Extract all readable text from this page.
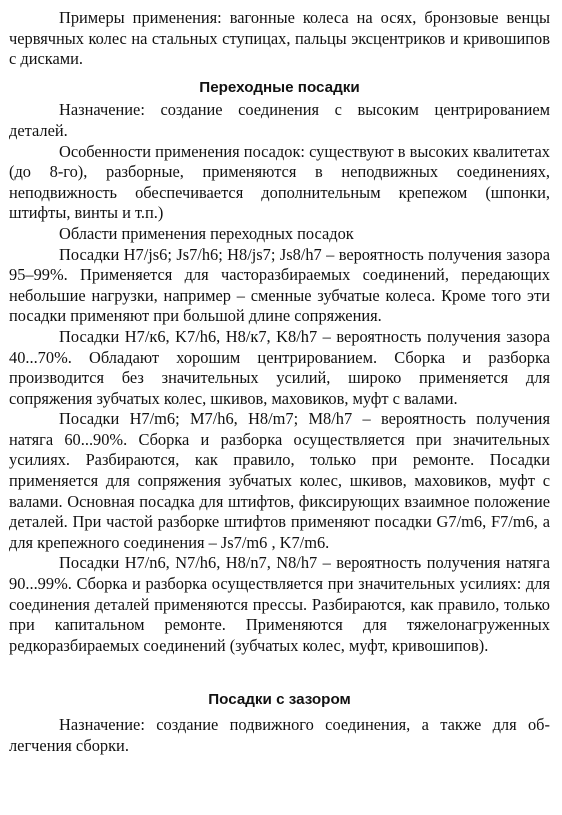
Примеры применения: вагонные колеса на осях, бронзовые венцы червячных колес на стальных ступицах, пальцы эксцентриков и кривошипов с дисками.

Переходные посадки

Назначение: создание соединения с высоким центрированием деталей.

Особенности применения посадок: существуют в высоких квалитетах (до 8-го), разборные, применяются в неподвижных соединениях, неподвижность обеспечивается дополнительным крепежом (шпонки, штифты, винты и т.п.)

Области применения переходных посадок

Посадки H7/js6; Js7/h6; H8/js7; Js8/h7 – вероятность получения зазора 95–99%. Применяется для часторазбираемых соединений, передающих небольшие нагрузки, например – сменные зубчатые колеса. Кроме того эти посадки применяют при большой длине сопряжения.

Посадки H7/к6, K7/h6, H8/к7, K8/h7 – вероятность получения зазора 40...70%. Обладают хорошим центрированием. Сборка и разборка производится без значительных усилий, широко применяется для сопряжения зубчатых колес, шкивов, маховиков, муфт с валами.

Посадки H7/m6; M7/h6, H8/m7; M8/h7 – вероятность получения натяга 60...90%. Сборка и разборка осуществляется при значительных усилиях. Разбираются, как правило, только при ремонте. Посадки применяется для сопряжения зубчатых колес, шкивов, маховиков, муфт с валами. Основная посадка для штифтов, фиксирующих взаимное положение деталей. При частой разборке штифтов применяют посадки G7/m6, F7/m6, а для крепежного соединения – Js7/m6 , K7/m6.

Посадки H7/n6, N7/h6, H8/n7, N8/h7 – вероятность получения натяга 90...99%. Сборка и разборка осуществляется при значительных усилиях: для соединения деталей применяются прессы. Разбираются, как правило, только при капитальном ремонте. Применяются для тяжелонагруженных редкоразбираемых соединений (зубчатых колес, муфт, кривошипов).

Посадки с зазором

Назначение: создание подвижного соединения, а также для облегчения сборки.
